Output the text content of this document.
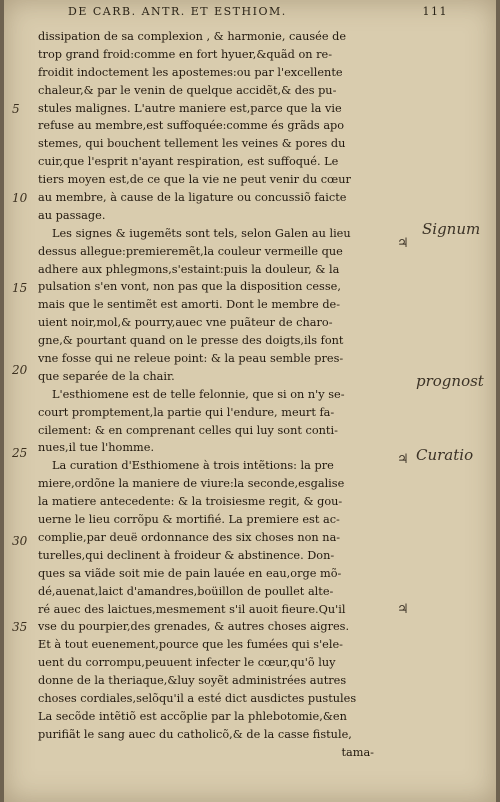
DE CARB. ANTR. ET ESTHIOM.	111
dissipation de sa complexion , & harmonie, causée de
trop grand froid:comme en fort hyuer,&quãd on re-
froidit indoctement les apostemes:ou par l'excellente
chaleur,& par le venin de quelque accidẽt,& des pu-
stules malignes. L'autre maniere est,parce que la vie
refuse au membre,est suffoquée:comme és grãds apo
stemes, qui bouchent tellement les veines & pores du
cuir,que l'esprit n'ayant respiration, est suffoqué. Le
tiers moyen est,de ce que la vie ne peut venir du cœur
au membre, à cause de la ligature ou concussiõ faicte
au passage.
Les signes & iugemẽts sont tels, selon Galen au lieu
dessus allegue:premieremẽt,la couleur vermeille que
adhere aux phlegmons,s'estaint:puis la douleur, & la
pulsation s'en vont, non pas que la disposition cesse,
mais que le sentimẽt est amorti. Dont le membre de-
uient noir,mol,& pourry,auec vne puãteur de charo-
gne,& pourtant quand on le presse des doigts,ils font
vne fosse qui ne releue point: & la peau semble pres-
que separée de la chair.
L'esthiomene est de telle felonnie, que si on n'y se-
court promptement,la partie qui l'endure, meurt fa-
cilement: & en comprenant celles qui luy sont conti-
nues,il tue l'homme.
La curation d'Esthiomene à trois intẽtions: la pre
miere,ordõne la maniere de viure:la seconde,esgalise
la matiere antecedente: & la troisiesme regit, & gou-
uerne le lieu corrõpu & mortifié. La premiere est ac-
complie,par deuë ordonnance des six choses non na-
turelles,qui declinent à froideur & abstinence. Don-
ques sa viãde soit mie de pain lauée en eau,orge mõ-
dé,auenat,laict d'amandres,boüillon de poullet alte-
ré auec des laictues,mesmement s'il auoit fieure.Qu'il
vse du pourpier,des grenades, & autres choses aigres.
Et à tout euenement,pource que les fumées qui s'ele-
uent du corrompu,peuuent infecter le cœur,qu'õ luy
donne de la theriaque,&luy soyẽt administrées autres
choses cordiales,selõqu'il a esté dict ausdictes pustules
La secõde intẽtiõ est accõplie par la phlebotomie,&en
purifiãt le sang auec du catholicõ,& de la casse fistule,
tama-
5
10
15
20
25
30
35
♃
♃
♃
Signum
prognost
Curatio
